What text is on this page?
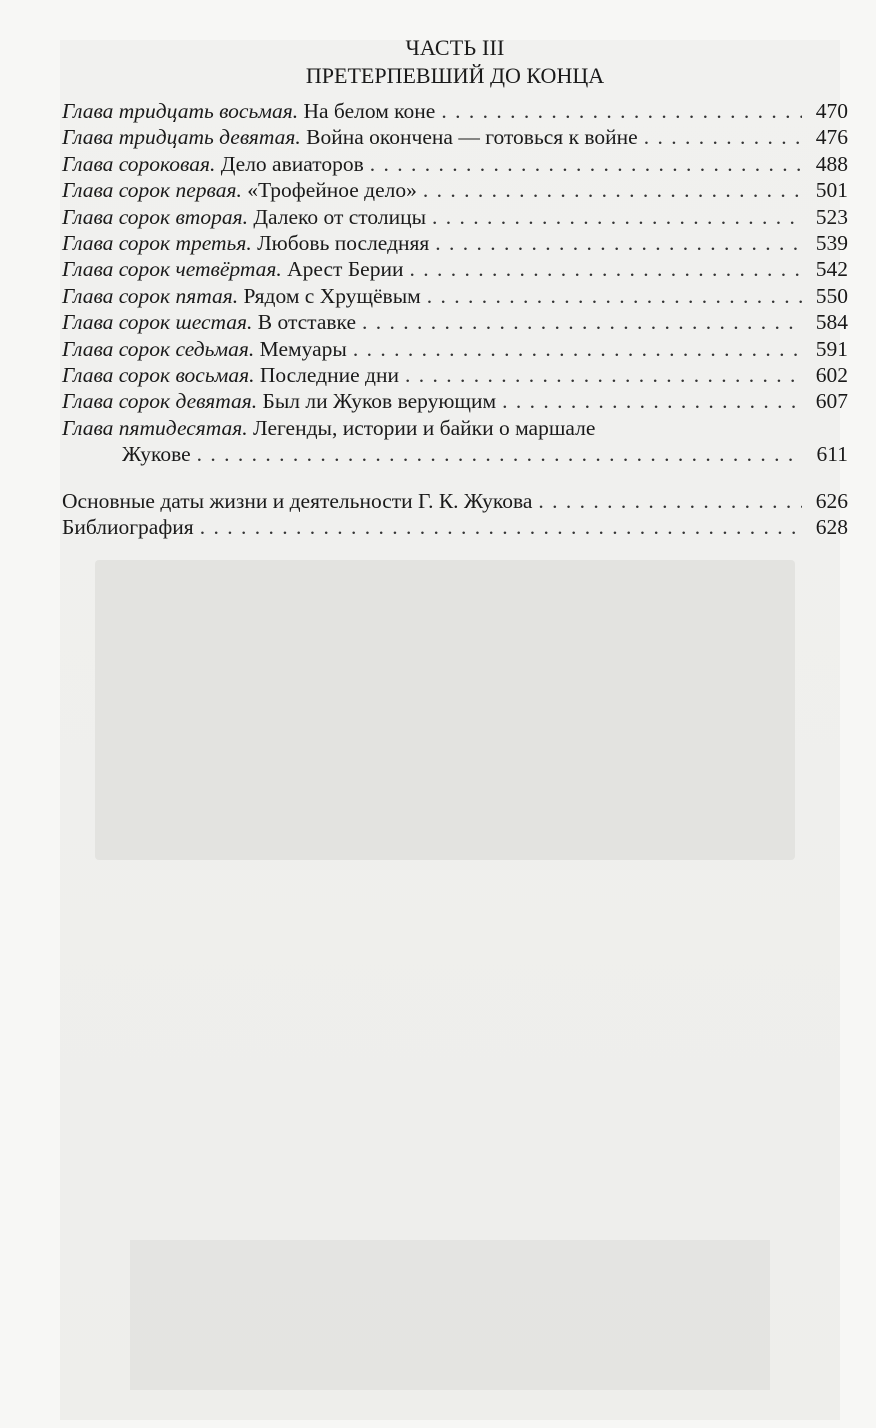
ЧАСТЬ III
ПРЕТЕРПЕВШИЙ ДО КОНЦА
Глава тридцать восьмая. На белом коне . . .	470
Глава тридцать девятая. Война окончена — готовься к войне . . .	476
Глава сороковая. Дело авиаторов . . .	488
Глава сорок первая. «Трофейное дело» . . .	501
Глава сорок вторая. Далеко от столицы . . .	523
Глава сорок третья. Любовь последняя . . .	539
Глава сорок четвёртая. Арест Берии . . .	542
Глава сорок пятая. Рядом с Хрущёвым . . .	550
Глава сорок шестая. В отставке . . .	584
Глава сорок седьмая. Мемуары . . .	591
Глава сорок восьмая. Последние дни . . .	602
Глава сорок девятая. Был ли Жуков верующим . . .	607
Глава пятидесятая. Легенды, истории и байки о маршале
Жукове . . .	611
Основные даты жизни и деятельности Г. К. Жукова . . .	626
Библиография . . .	628
